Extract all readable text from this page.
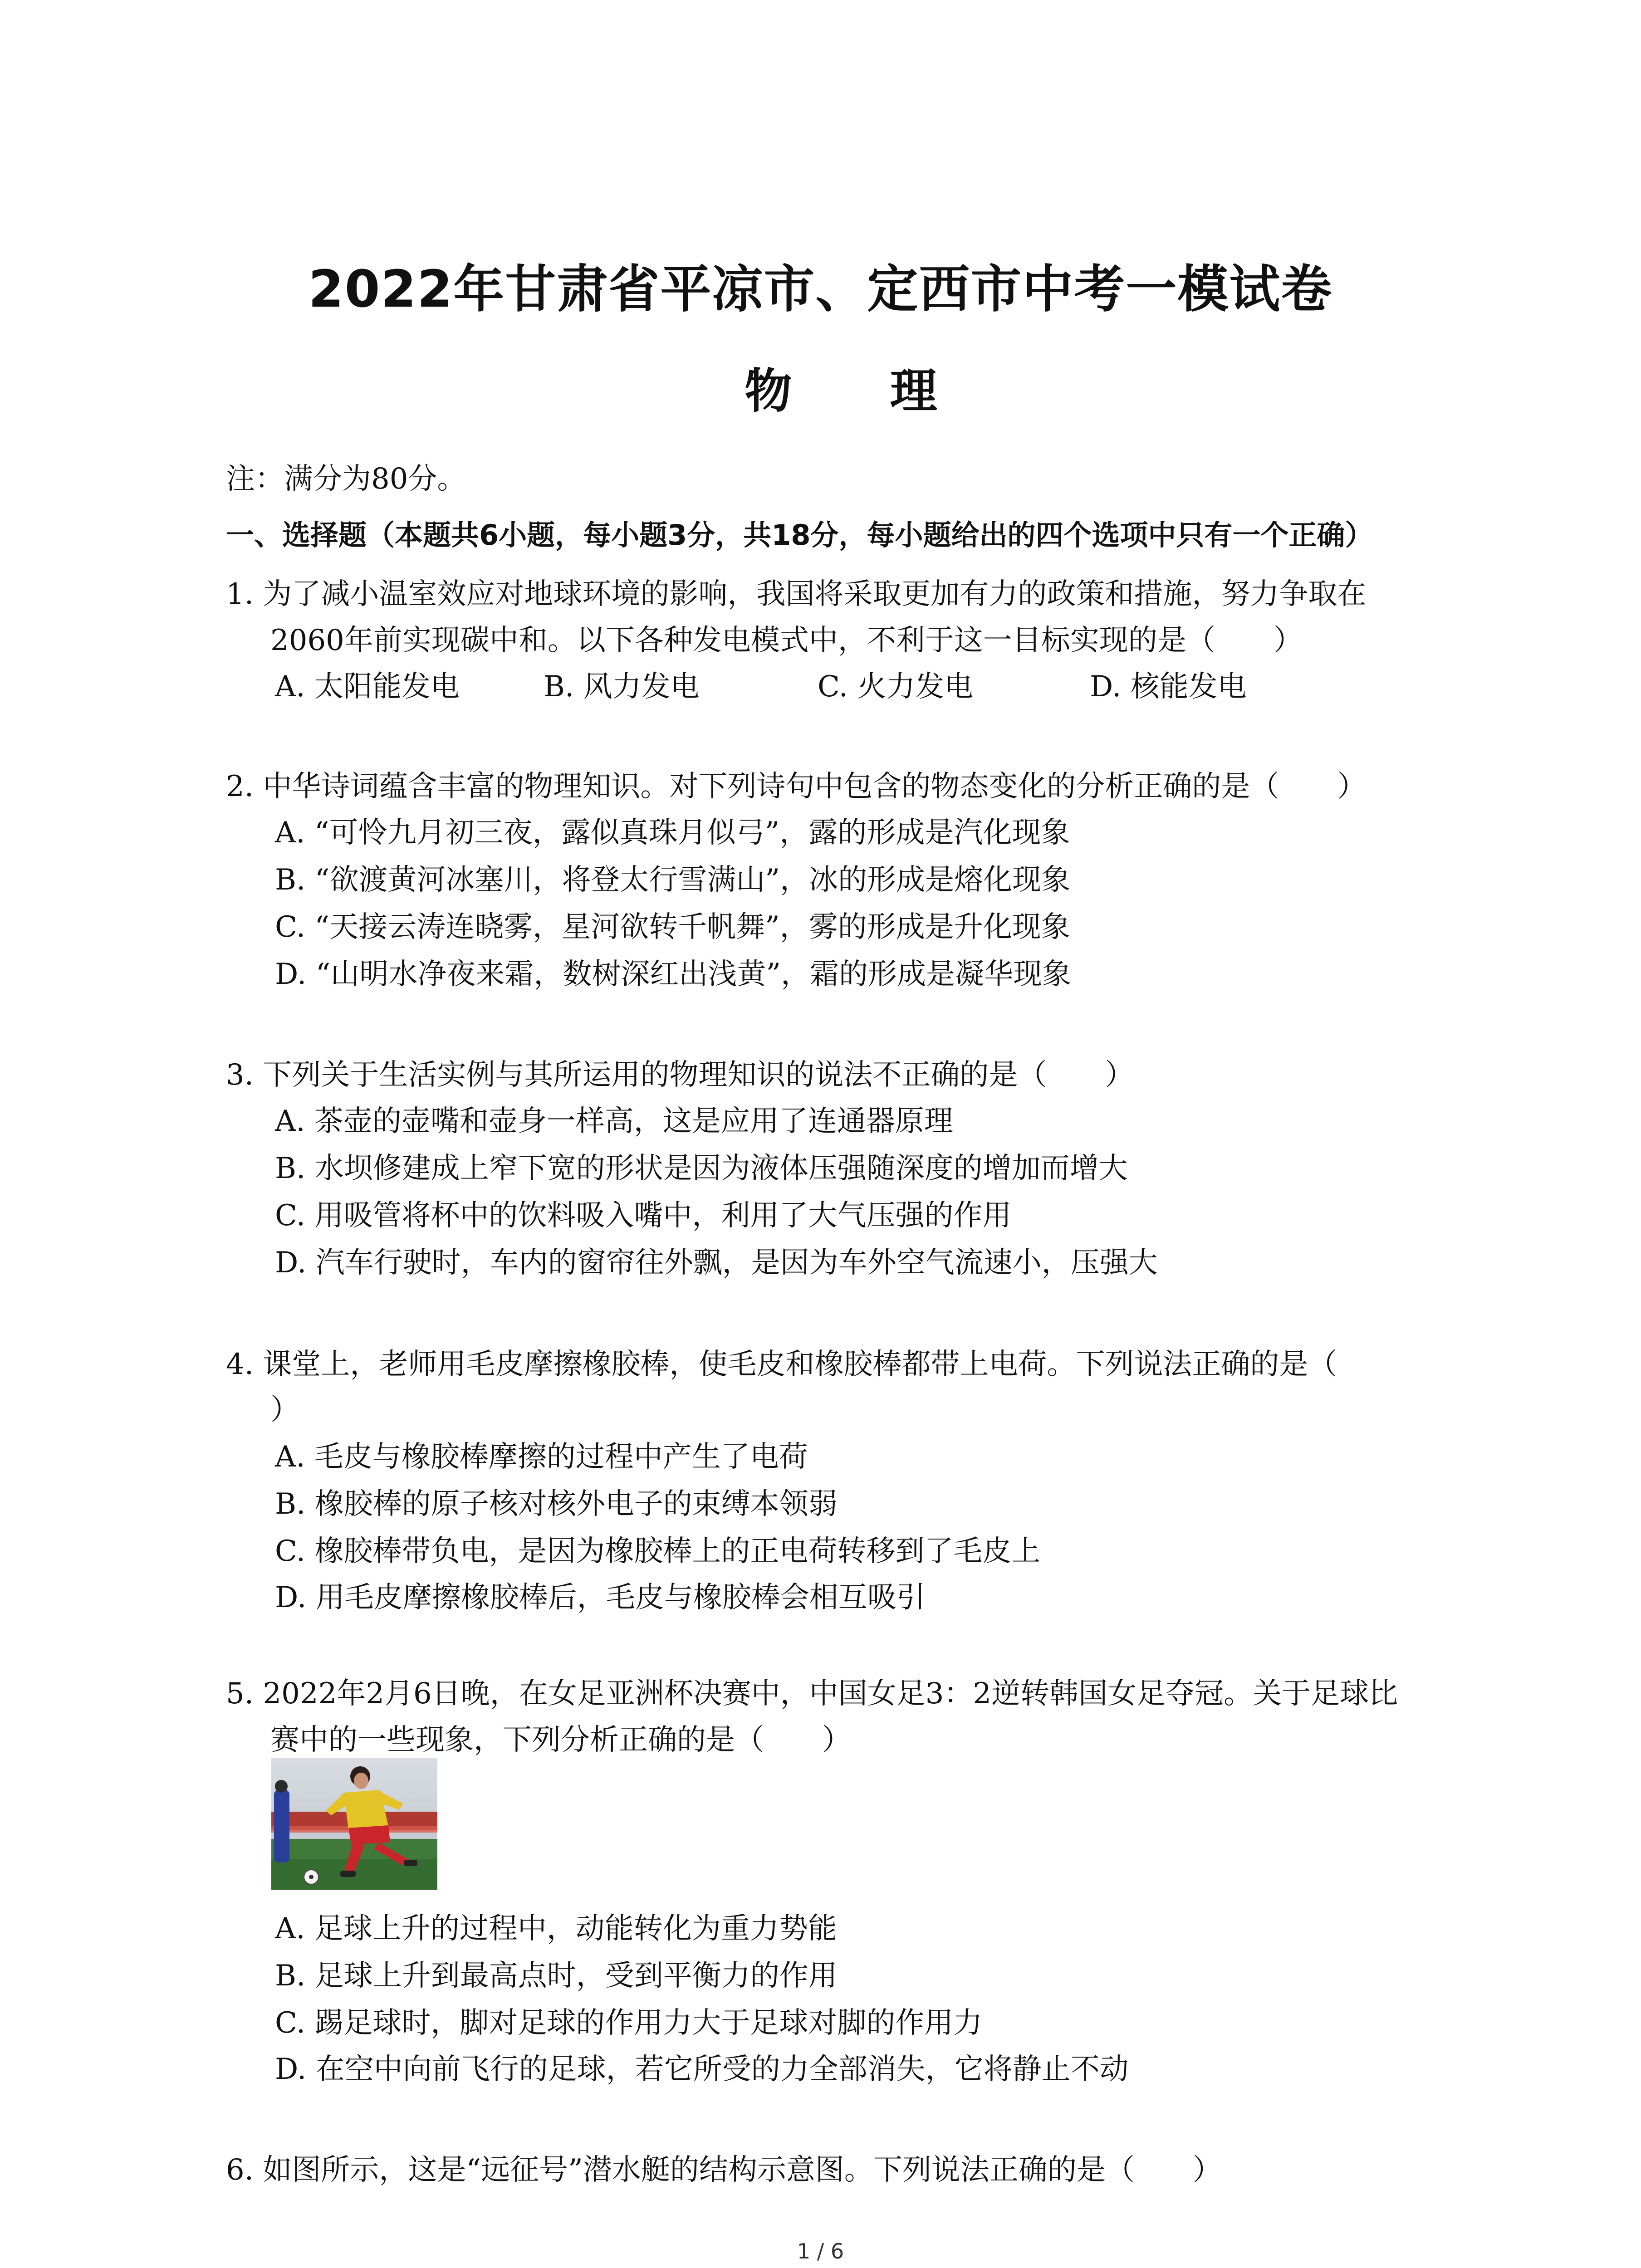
2022年甘肃省平凉市、定西市中考一模试卷
物 理
注：满分为80分。
一、选择题（本题共6小题，每小题3分，共18分，每小题给出的四个选项中只有一个正确）
1. 为了减小温室效应对地球环境的影响，我国将采取更加有力的政策和措施，努力争取在
2060年前实现碳中和。以下各种发电模式中，不利于这一目标实现的是（　　）
A. 太阳能发电	B. 风力发电	C. 火力发电	D. 核能发电
2. 中华诗词蕴含丰富的物理知识。对下列诗句中包含的物态变化的分析正确的是（　　）
A. “可怜九月初三夜，露似真珠月似弓”，露的形成是汽化现象
B. “欲渡黄河冰塞川，将登太行雪满山”，冰的形成是熔化现象
C. “天接云涛连晓雾，星河欲转千帆舞”，雾的形成是升化现象
D. “山明水净夜来霜，数树深红出浅黄”，霜的形成是凝华现象
3. 下列关于生活实例与其所运用的物理知识的说法不正确的是（　　）
A. 茶壶的壶嘴和壶身一样高，这是应用了连通器原理
B. 水坝修建成上窄下宽的形状是因为液体压强随深度的增加而增大
C. 用吸管将杯中的饮料吸入嘴中，利用了大气压强的作用
D. 汽车行驶时，车内的窗帘往外飘，是因为车外空气流速小，压强大
4. 课堂上，老师用毛皮摩擦橡胶棒，使毛皮和橡胶棒都带上电荷。下列说法正确的是（
）
A. 毛皮与橡胶棒摩擦的过程中产生了电荷
B. 橡胶棒的原子核对核外电子的束缚本领弱
C. 橡胶棒带负电，是因为橡胶棒上的正电荷转移到了毛皮上
D. 用毛皮摩擦橡胶棒后，毛皮与橡胶棒会相互吸引
5. 2022年2月6日晚，在女足亚洲杯决赛中，中国女足3：2逆转韩国女足夺冠。关于足球比
赛中的一些现象，下列分析正确的是（　　）
A. 足球上升的过程中，动能转化为重力势能
B. 足球上升到最高点时，受到平衡力的作用
C. 踢足球时，脚对足球的作用力大于足球对脚的作用力
D. 在空中向前飞行的足球，若它所受的力全部消失，它将静止不动
6. 如图所示，这是“远征号”潜水艇的结构示意图。下列说法正确的是（　　）
1 / 6
